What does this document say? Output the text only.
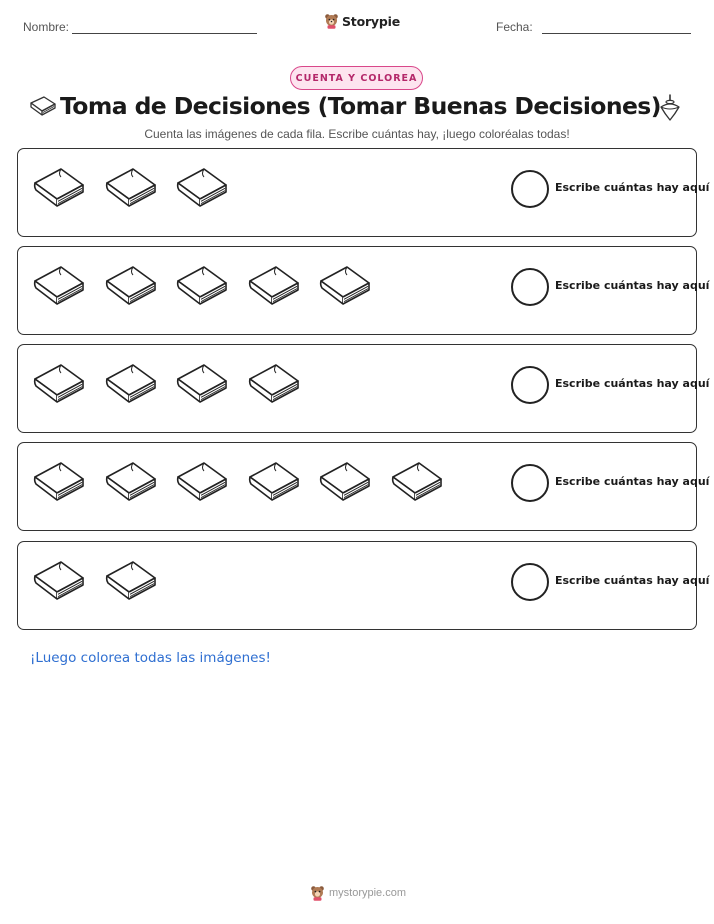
Nombre:	Storypie	Fecha:
CUENTA Y COLOREA
Toma de Decisiones (Tomar Buenas Decisiones)
Cuenta las imágenes de cada fila. Escribe cuántas hay, ¡luego coloréalas todas!
Escribe cuántas hay aquí
Escribe cuántas hay aquí
Escribe cuántas hay aquí
Escribe cuántas hay aquí
Escribe cuántas hay aquí
¡Luego colorea todas las imágenes!
mystorypie.com
